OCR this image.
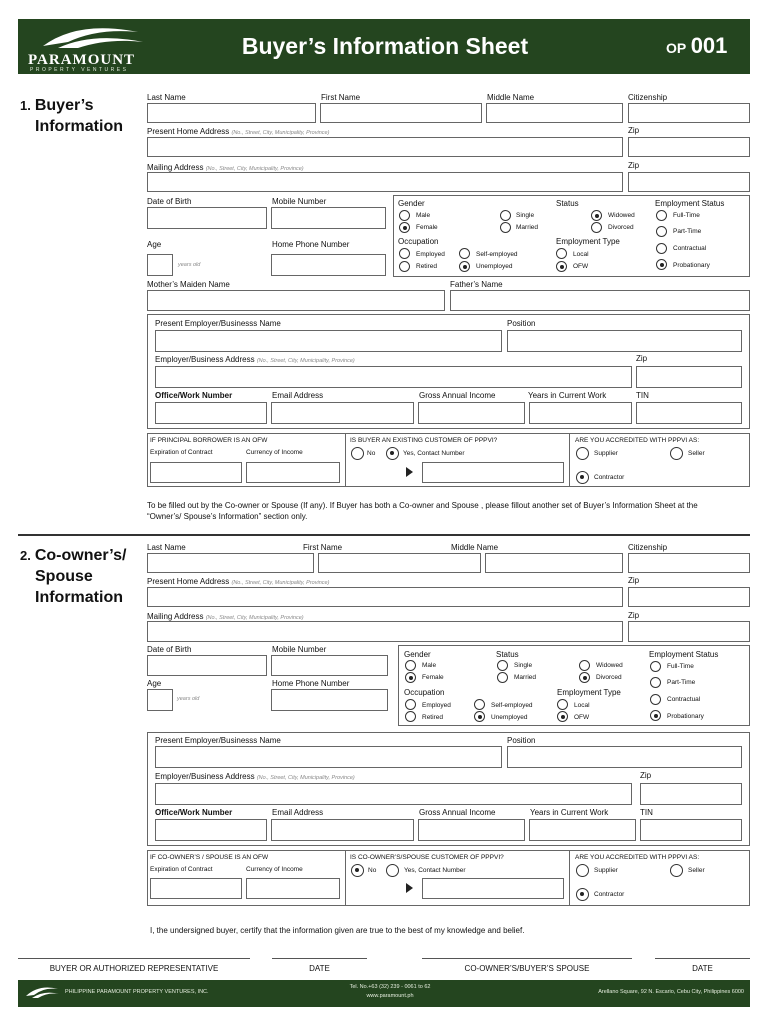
PARAMOUNT
PROPERTY VENTURES
Buyer’s Information Sheet	OP 001
1. Buyer’s
Information
Last Name	First Name	Middle Name	Citizenship
Present Home Address (No., Street, City, Municipality, Province)	Zip
Mailing Address (No., Street, City, Municipality, Province)	Zip
Date of Birth	Mobile Number
Age	Home Phone Number
years old
Gender	Status	Employment Status
Male
Female
Single
Married
Widowed
Divorced
Full-Time
Part-Time
Contractual
Probationary
Occupation	Employment Type
Employed
Retired
Self-employed
Unemployed
Local
OFW
Mother’s Maiden Name	Father’s Name
Present Employer/Businesss Name	Position
Employer/Business Address (No., Street, City, Municipality, Province)	Zip
Office/Work Number	Email Address	Gross Annual Income	Years in Current Work	TIN
IF PRINCIPAL BORROWER IS AN OFW
Expiration of Contract	Currency of Income
IS BUYER AN EXISTING CUSTOMER OF PPPVI?
No	Yes, Contact Number
ARE YOU ACCREDITED WITH PPPVI AS:
Supplier	Seller
Contractor
To be filled out by the Co-owner or Spouse (If any). If Buyer has both a Co-owner and Spouse , please fillout another set of Buyer’s Information Sheet at the
“Owner’s/ Spouse’s Information” section only.
2. Co-owner’s/
Spouse
Information
Last Name	First Name	Middle Name	Citizenship
Present Home Address (No., Street, City, Municipality, Province)	Zip
Mailing Address (No., Street, City, Municipality, Province)	Zip
Date of Birth	Mobile Number
Age	Home Phone Number
years old
Gender	Status	Employment Status
Male
Female
Single
Married
Widowed
Divorced
Full-Time
Part-Time
Contractual
Probationary
Occupation	Employment Type
Employed
Retired
Self-employed
Unemployed
Local
OFW
Present Employer/Businesss Name	Position
Employer/Business Address (No., Street, City, Municipality, Province)	Zip
Office/Work Number	Email Address	Gross Annual Income	Years in Current Work	TIN
IF CO-OWNER’S / SPOUSE IS AN OFW
Expiration of Contract	Currency of Income
IS CO-OWNER’S/SPOUSE CUSTOMER OF PPPVI?
No	Yes, Contact Number
ARE YOU ACCREDITED WITH PPPVI AS:
Supplier	Seller
Contractor
I, the undersigned buyer, certify that the information given are true to the best of my knowledge and belief.
BUYER OR AUTHORIZED REPRESENTATIVE	DATE	CO-OWNER’S/BUYER’S SPOUSE	DATE
PHILIPPINE PARAMOUNT PROPERTY VENTURES, INC.
Tel. No.+63 (32) 239 - 0061 to 62
www.paramount.ph
Arellano Square, 92 N. Escario, Cebu City, Philippines 6000
